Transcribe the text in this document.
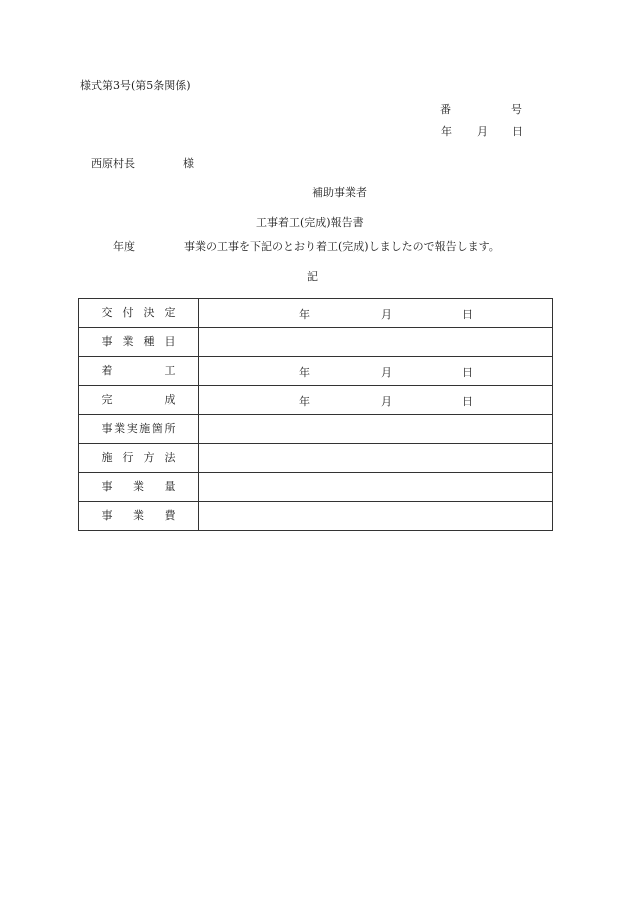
様式第3号(第5条関係)
番	号
年 月 日
西原村長	様
補助事業者
工事着工(完成)報告書
年度	事業の工事を下記のとおり着工(完成)しましたので報告します。
記
交付決定	年 月 日

事業種目	
着工	年 月 日

完成	年 月 日

事業実施箇所	
施行方法	
事業量	
事業費	
